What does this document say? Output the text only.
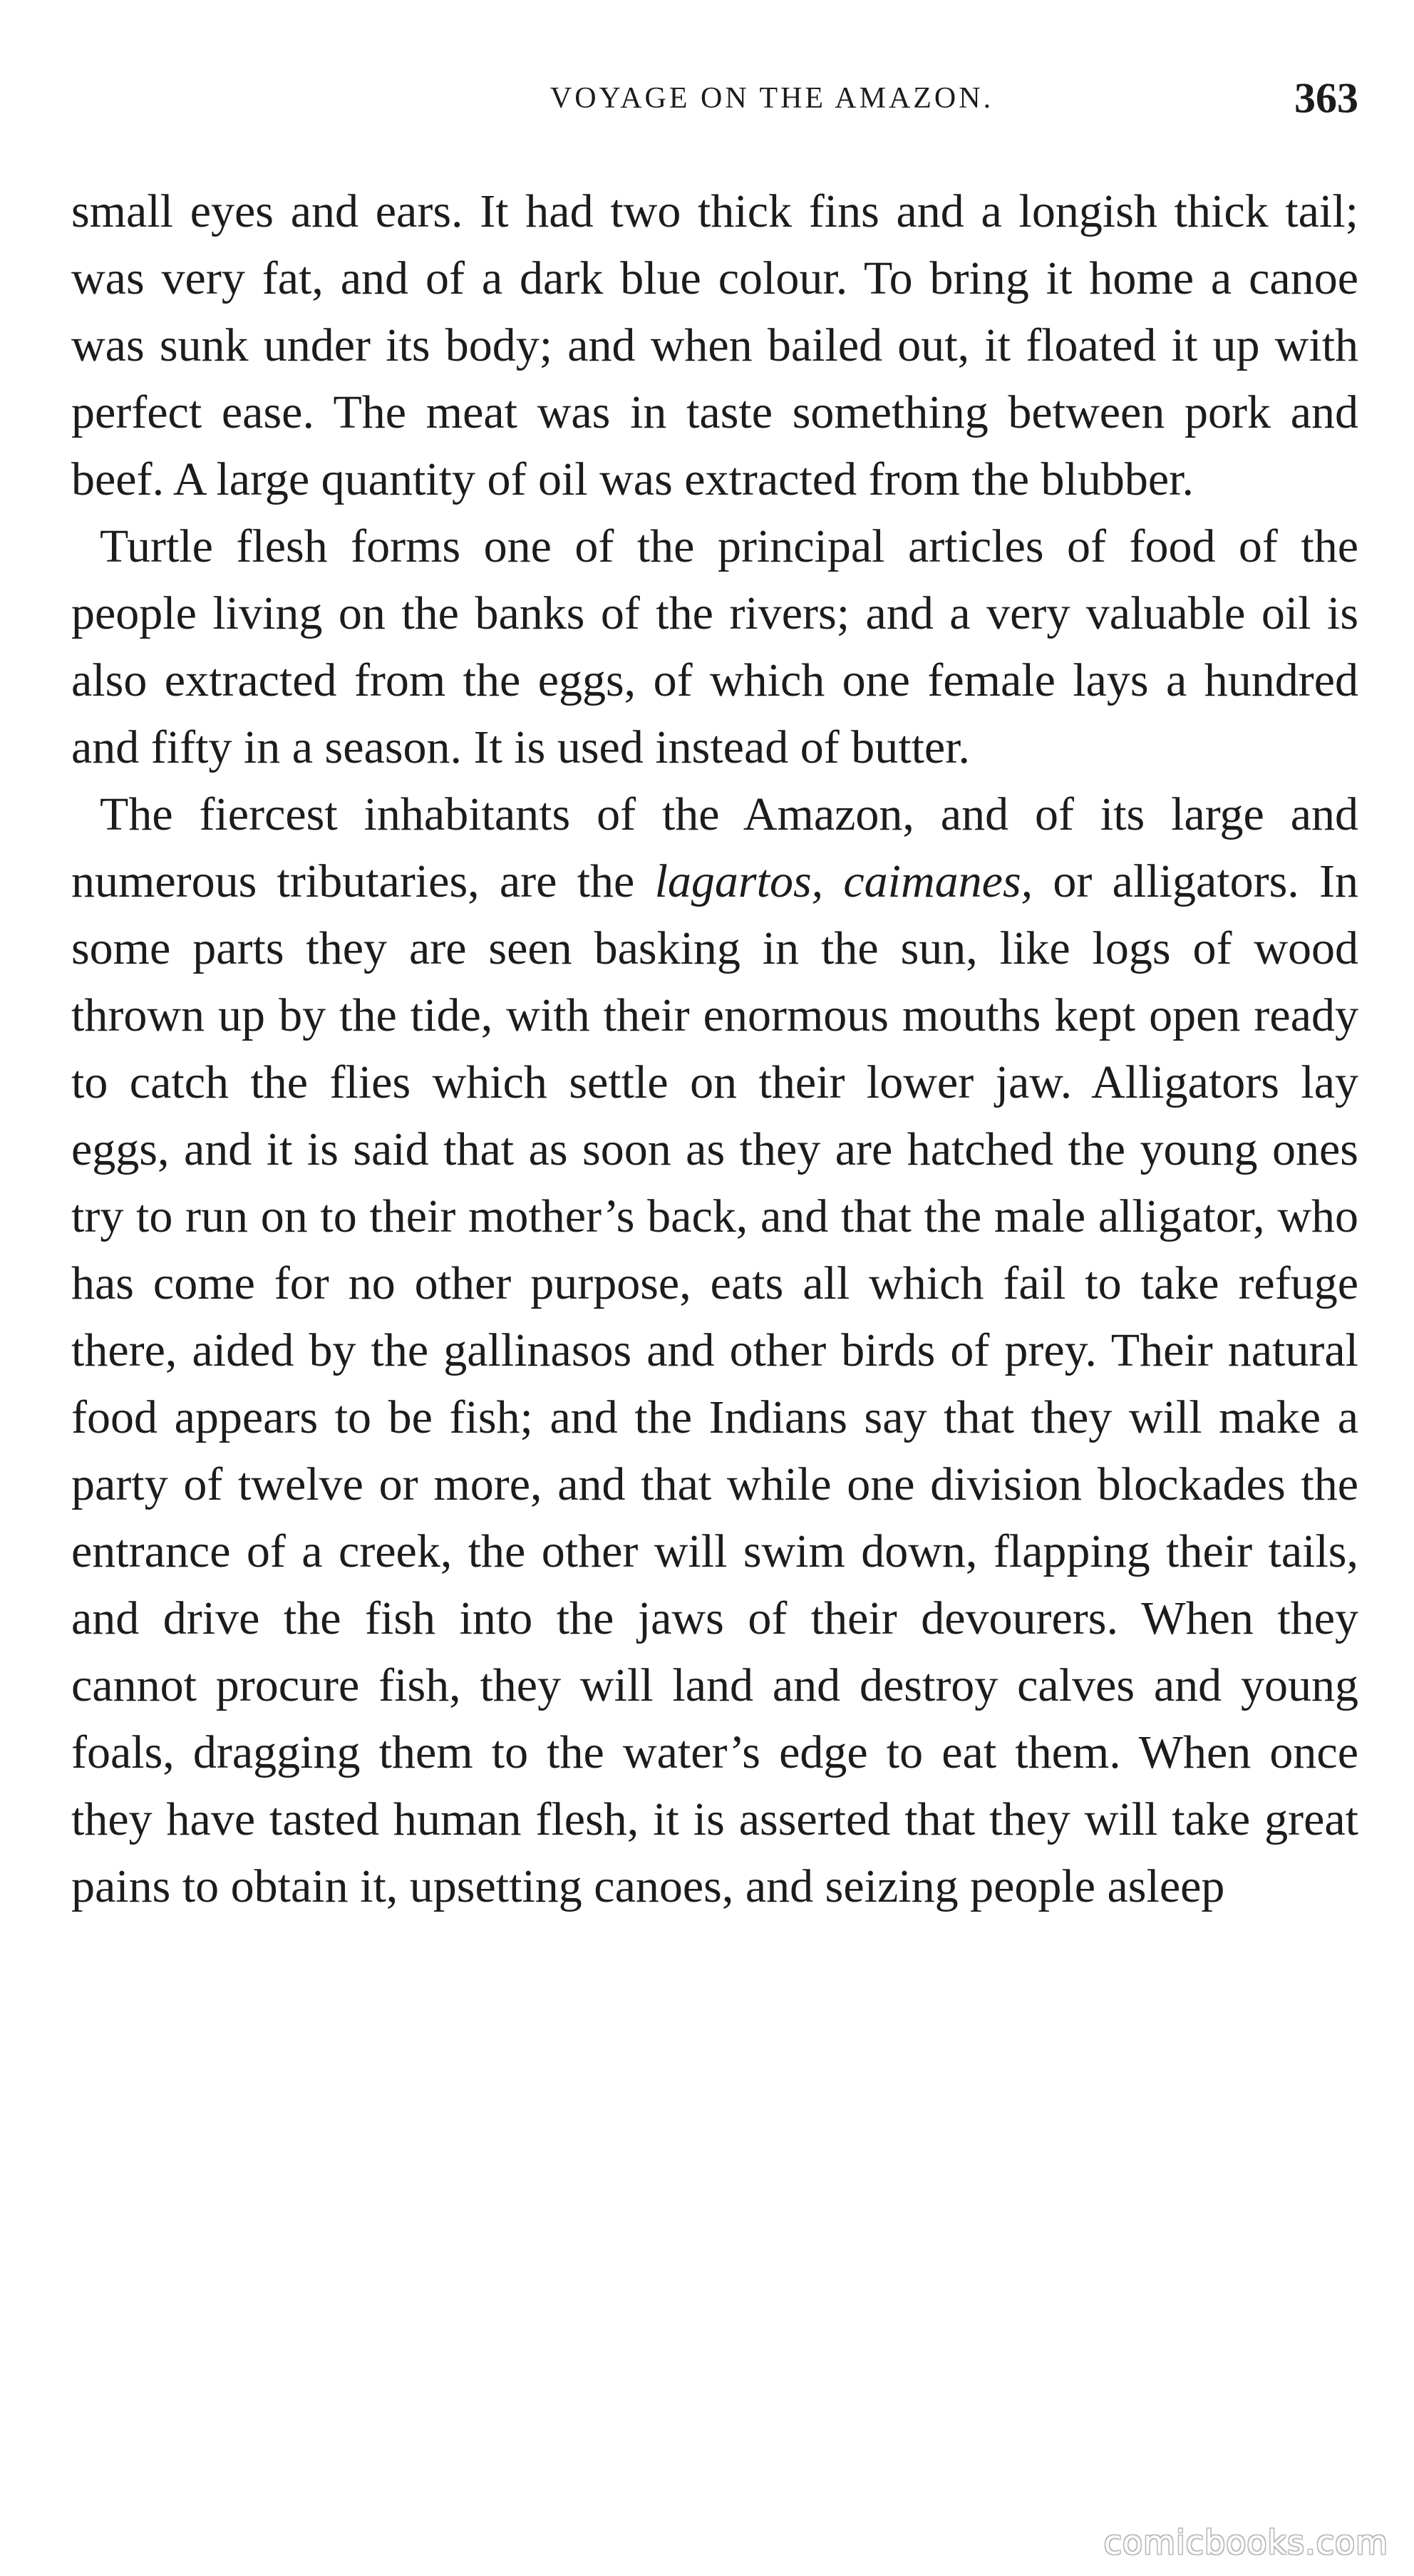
VOYAGE ON THE AMAZON.	363

small eyes and ears. It had two thick fins and a longish thick tail; was very fat, and of a dark blue colour. To bring it home a canoe was sunk under its body; and when bailed out, it floated it up with perfect ease. The meat was in taste something between pork and beef. A large quantity of oil was extracted from the blubber.

Turtle flesh forms one of the principal articles of food of the people living on the banks of the rivers; and a very valuable oil is also extracted from the eggs, of which one female lays a hundred and fifty in a season. It is used instead of butter.

The fiercest inhabitants of the Amazon, and of its large and numerous tributaries, are the lagartos, caimanes, or alligators. In some parts they are seen basking in the sun, like logs of wood thrown up by the tide, with their enormous mouths kept open ready to catch the flies which settle on their lower jaw. Alligators lay eggs, and it is said that as soon as they are hatched the young ones try to run on to their mother’s back, and that the male alligator, who has come for no other purpose, eats all which fail to take refuge there, aided by the gallinasos and other birds of prey. Their natural food appears to be fish; and the Indians say that they will make a party of twelve or more, and that while one division blockades the entrance of a creek, the other will swim down, flapping their tails, and drive the fish into the jaws of their devourers. When they cannot procure fish, they will land and destroy calves and young foals, dragging them to the water’s edge to eat them. When once they have tasted human flesh, it is asserted that they will take great pains to obtain it, upsetting canoes, and seizing people asleep

comicbooks.com
